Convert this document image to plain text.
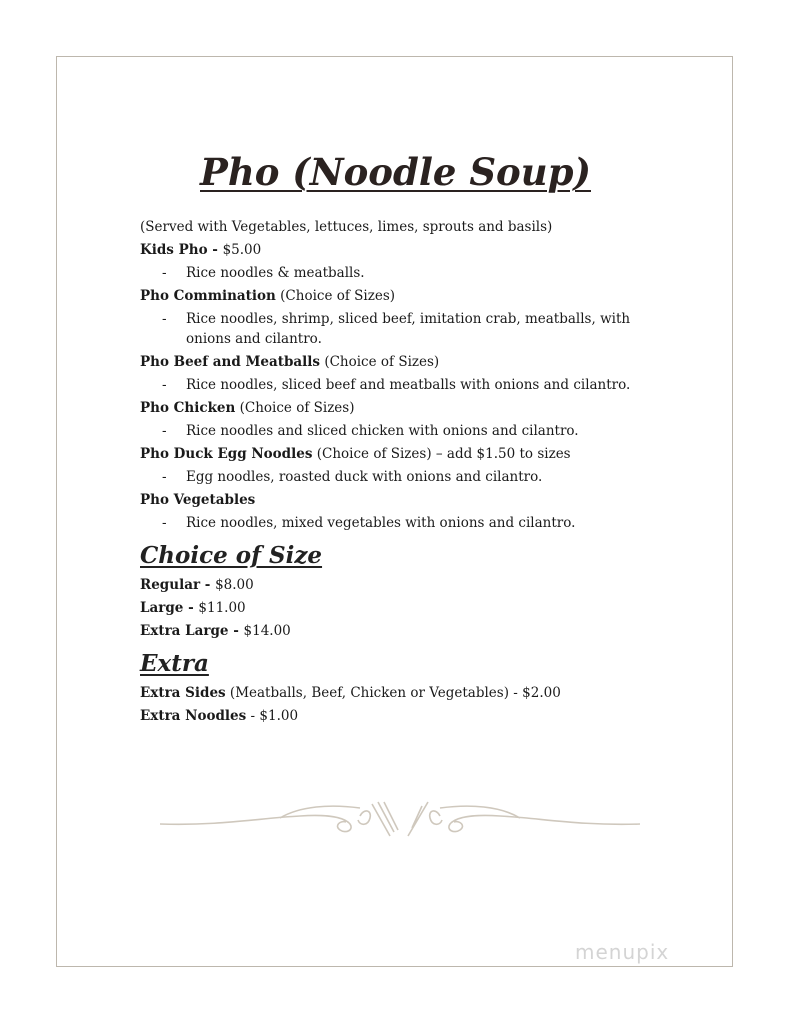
Pho (Noodle Soup)

(Served with Vegetables, lettuces, limes, sprouts and basils)

Kids Pho - $5.00

- Rice noodles & meatballs.

Pho Commination (Choice of Sizes)

- Rice noodles, shrimp, sliced beef, imitation crab, meatballs, with onions and cilantro.

Pho Beef and Meatballs (Choice of Sizes)

- Rice noodles, sliced beef and meatballs with onions and cilantro.

Pho Chicken (Choice of Sizes)

- Rice noodles and sliced chicken with onions and cilantro.

Pho Duck Egg Noodles (Choice of Sizes) – add $1.50 to sizes

- Egg noodles, roasted duck with onions and cilantro.

Pho Vegetables

- Rice noodles, mixed vegetables with onions and cilantro.

Choice of Size

Regular - $8.00

Large - $11.00

Extra Large - $14.00

Extra

Extra Sides (Meatballs, Beef, Chicken or Vegetables) - $2.00

Extra Noodles - $1.00

menupix
